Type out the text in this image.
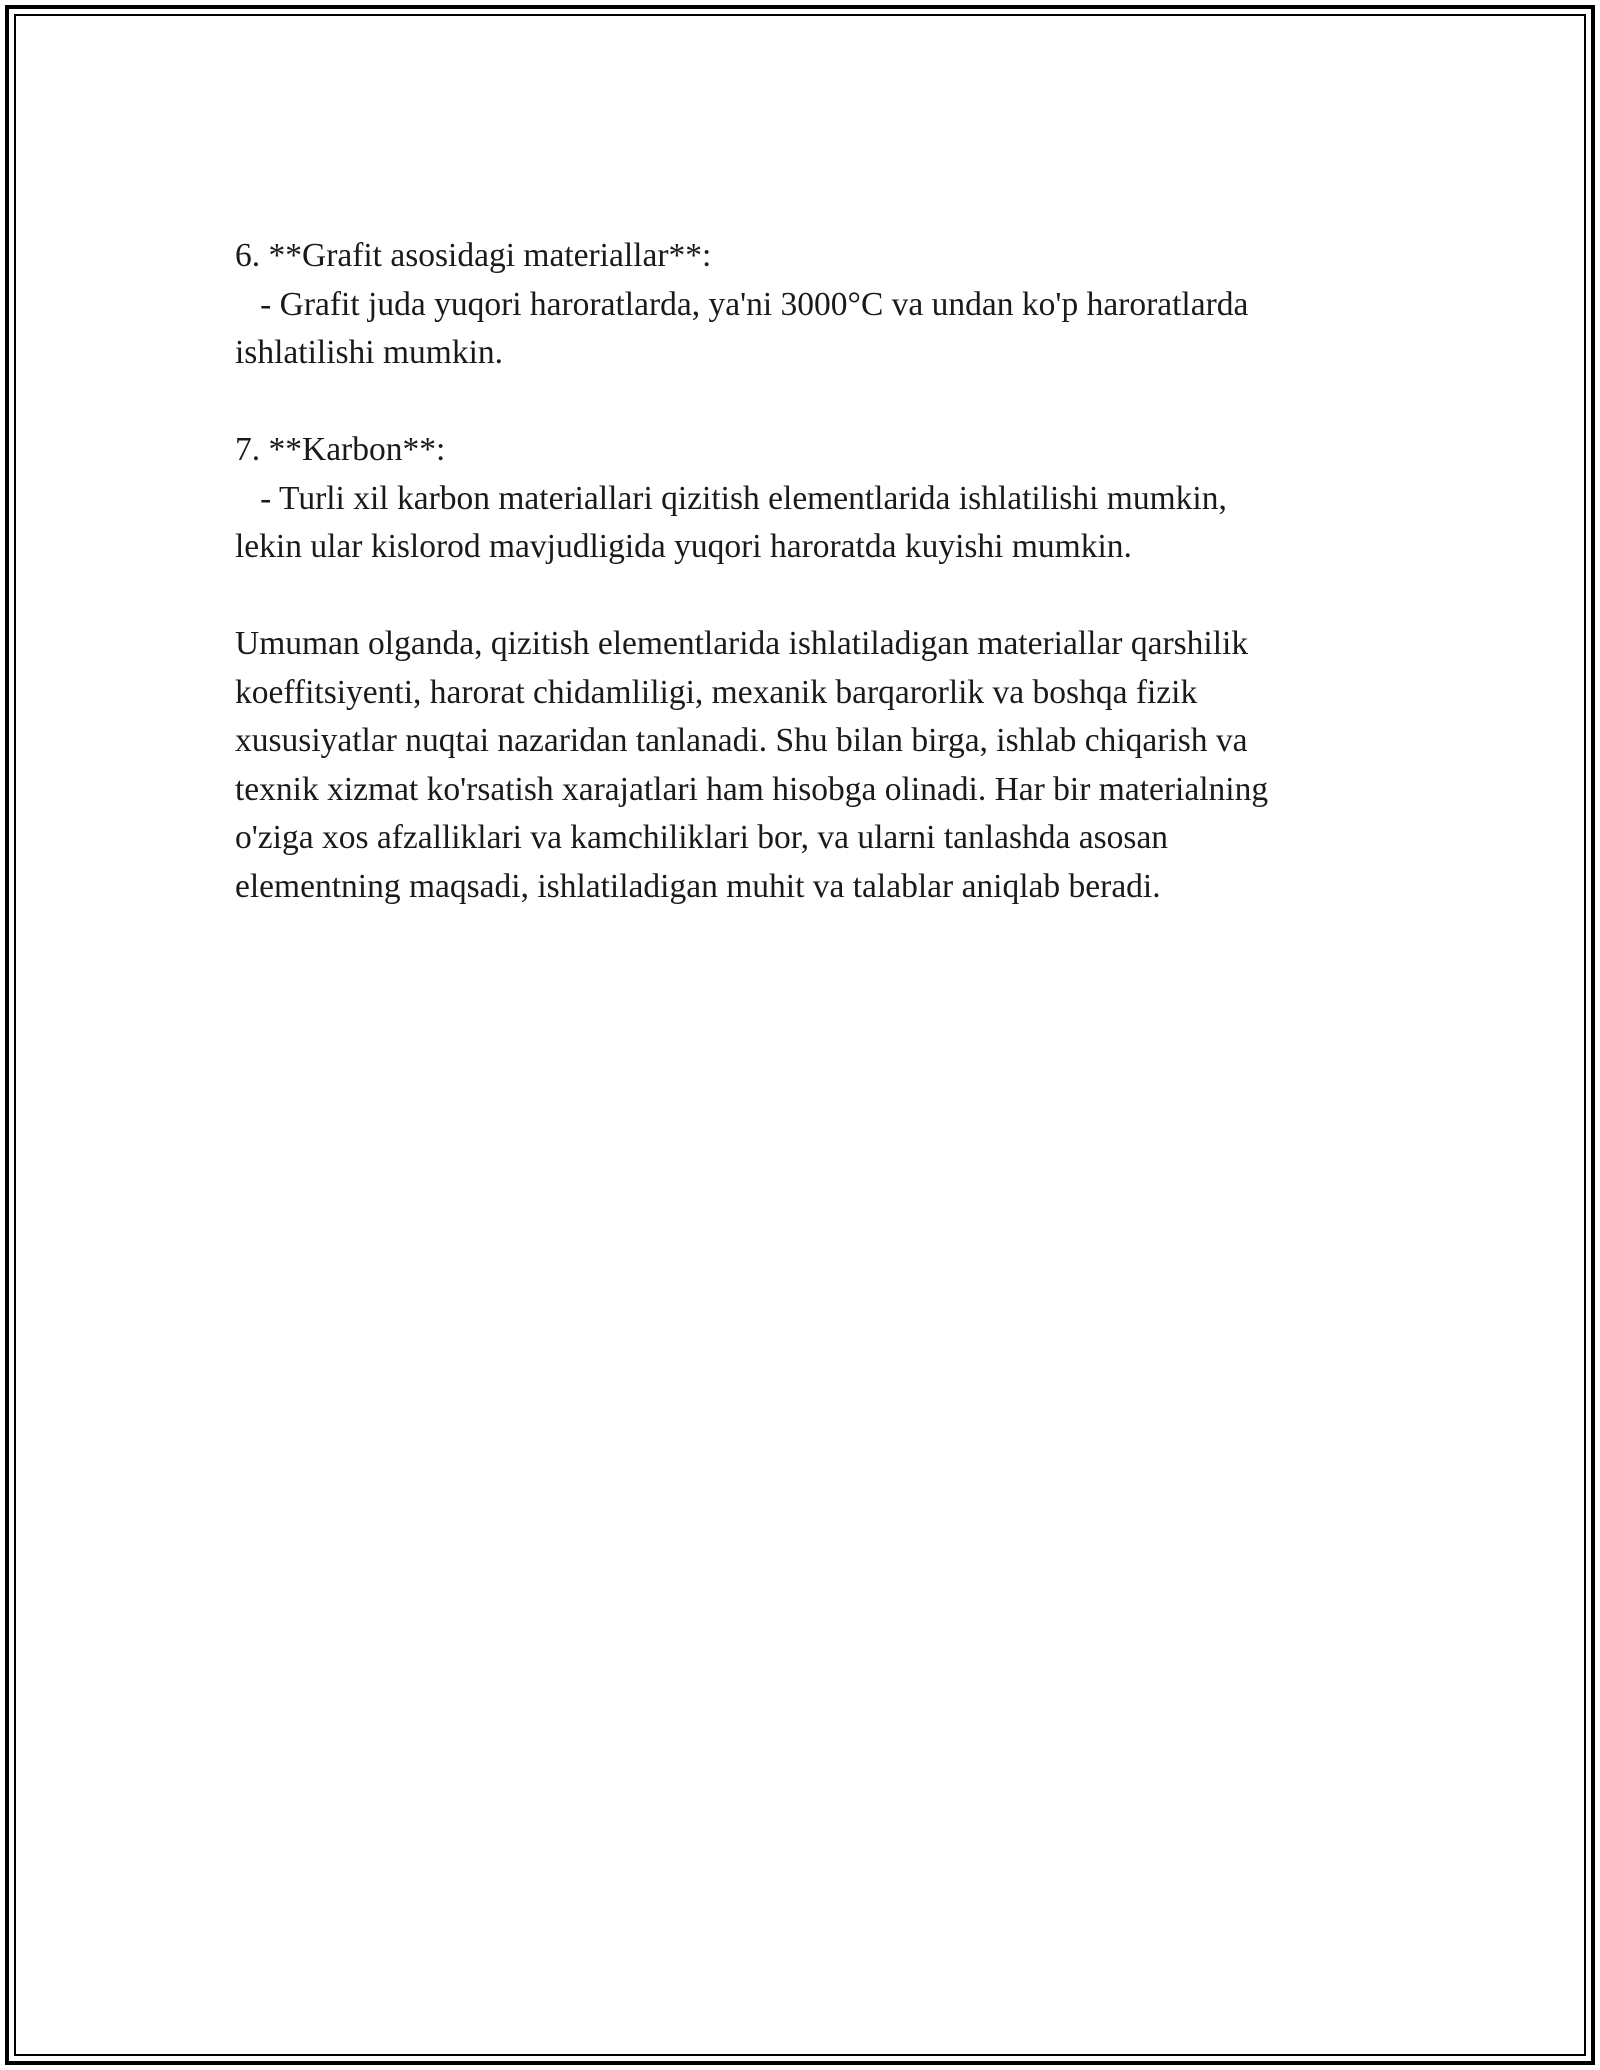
6. **Grafit asosidagi materiallar**:
- Grafit juda yuqori haroratlarda, ya'ni 3000°C va undan ko'p haroratlarda
ishlatilishi mumkin.
7. **Karbon**:
- Turli xil karbon materiallari qizitish elementlarida ishlatilishi mumkin,
lekin ular kislorod mavjudligida yuqori haroratda kuyishi mumkin.
Umuman olganda, qizitish elementlarida ishlatiladigan materiallar qarshilik
koeffitsiyenti, harorat chidamliligi, mexanik barqarorlik va boshqa fizik
xususiyatlar nuqtai nazaridan tanlanadi. Shu bilan birga, ishlab chiqarish va
texnik xizmat ko'rsatish xarajatlari ham hisobga olinadi. Har bir materialning
o'ziga xos afzalliklari va kamchiliklari bor, va ularni tanlashda asosan
elementning maqsadi, ishlatiladigan muhit va talablar aniqlab beradi.
